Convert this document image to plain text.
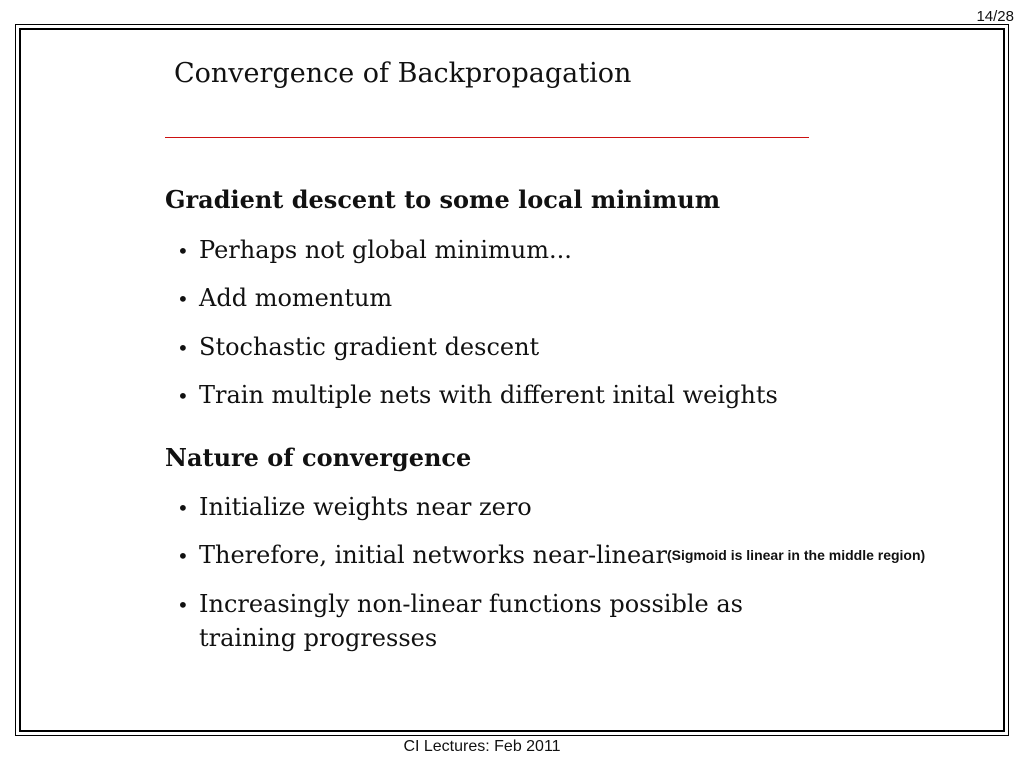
14/28
Convergence of Backpropagation
Gradient descent to some local minimum
• Perhaps not global minimum...
• Add momentum
• Stochastic gradient descent
• Train multiple nets with different inital weights
Nature of convergence
• Initialize weights near zero
• Therefore, initial networks near-linear(Sigmoid is linear in the middle region)
• Increasingly non-linear functions possible as training progresses
CI Lectures: Feb 2011
